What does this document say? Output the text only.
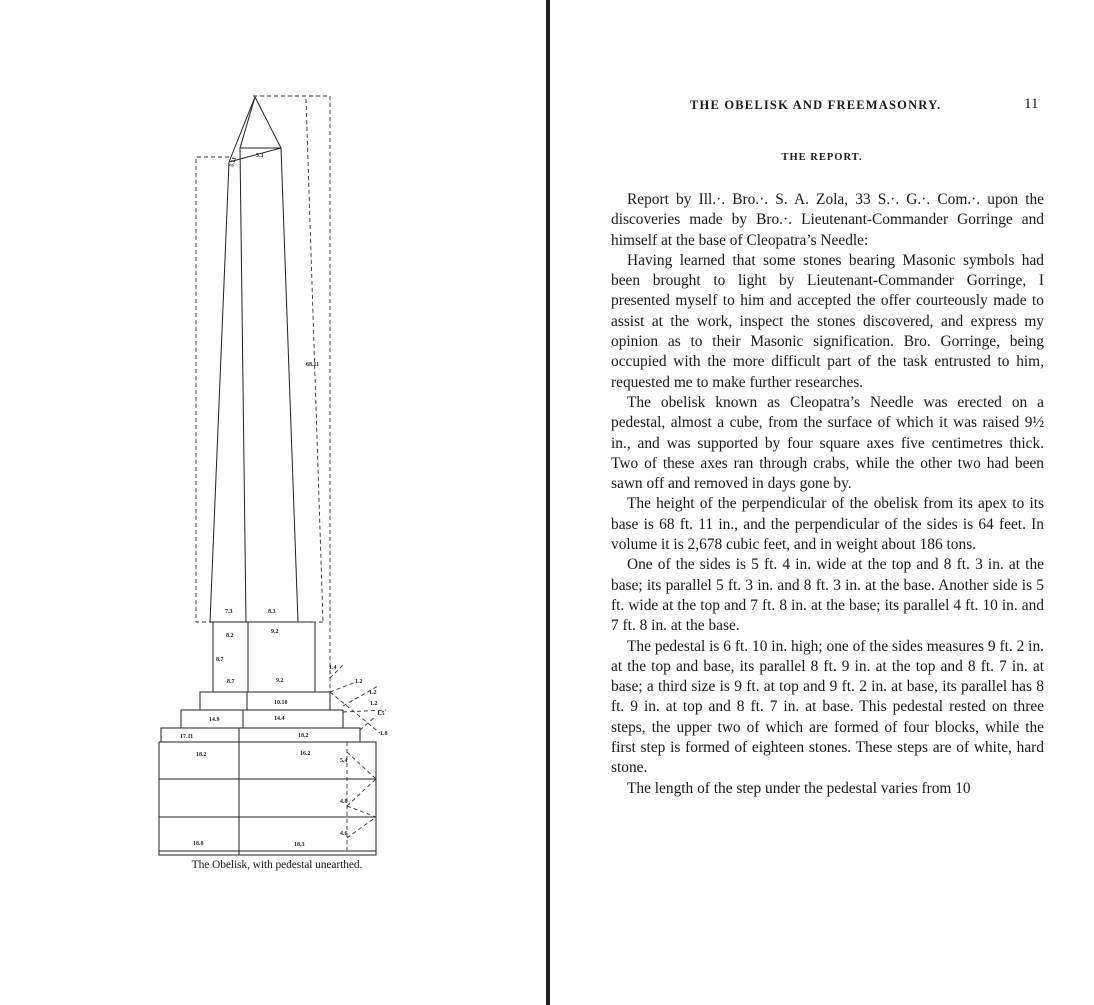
5.11
5.3
68.11
7.3	8.3
8.2
9.2
8.7
8.7	9.2
10.10
14.9	14.4
17.11	18.2
18.2	16.2
18.8	18.3
1.4
1.2
1.2
1.2
1.5
1.8
5.4
4.8
4.6
The Obelisk, with pedestal unearthed.
THE OBELISK AND FREEMASONRY.	11
THE REPORT.

Report by Ill.·. Bro.·. S. A. Zola, 33 S.·. G.·. Com.·. upon the discoveries made by Bro.·. Lieutenant-Commander Gorringe and himself at the base of Cleopatra’s Needle:

Having learned that some stones bearing Masonic symbols had been brought to light by Lieutenant-Commander Gorringe, I presented myself to him and accepted the offer courteously made to assist at the work, inspect the stones discovered, and express my opinion as to their Masonic signification. Bro. Gorringe, being occupied with the more difficult part of the task entrusted to him, requested me to make further researches.

The obelisk known as Cleopatra’s Needle was erected on a pedestal, almost a cube, from the surface of which it was raised 9½ in., and was supported by four square axes five centimetres thick. Two of these axes ran through crabs, while the other two had been sawn off and removed in days gone by.

The height of the perpendicular of the obelisk from its apex to its base is 68 ft. 11 in., and the perpendicular of the sides is 64 feet. In volume it is 2,678 cubic feet, and in weight about 186 tons.

One of the sides is 5 ft. 4 in. wide at the top and 8 ft. 3 in. at the base; its parallel 5 ft. 3 in. and 8 ft. 3 in. at the base. Another side is 5 ft. wide at the top and 7 ft. 8 in. at the base; its parallel 4 ft. 10 in. and 7 ft. 8 in. at the base.

The pedestal is 6 ft. 10 in. high; one of the sides measures 9 ft. 2 in. at the top and base, its parallel 8 ft. 9 in. at the top and 8 ft. 7 in. at base; a third size is 9 ft. at top and 9 ft. 2 in. at base, its parallel has 8 ft. 9 in. at top and 8 ft. 7 in. at base. This pedestal rested on three steps, the upper two of which are formed of four blocks, while the first step is formed of eighteen stones. These steps are of white, hard stone.

The length of the step under the pedestal varies from 10
